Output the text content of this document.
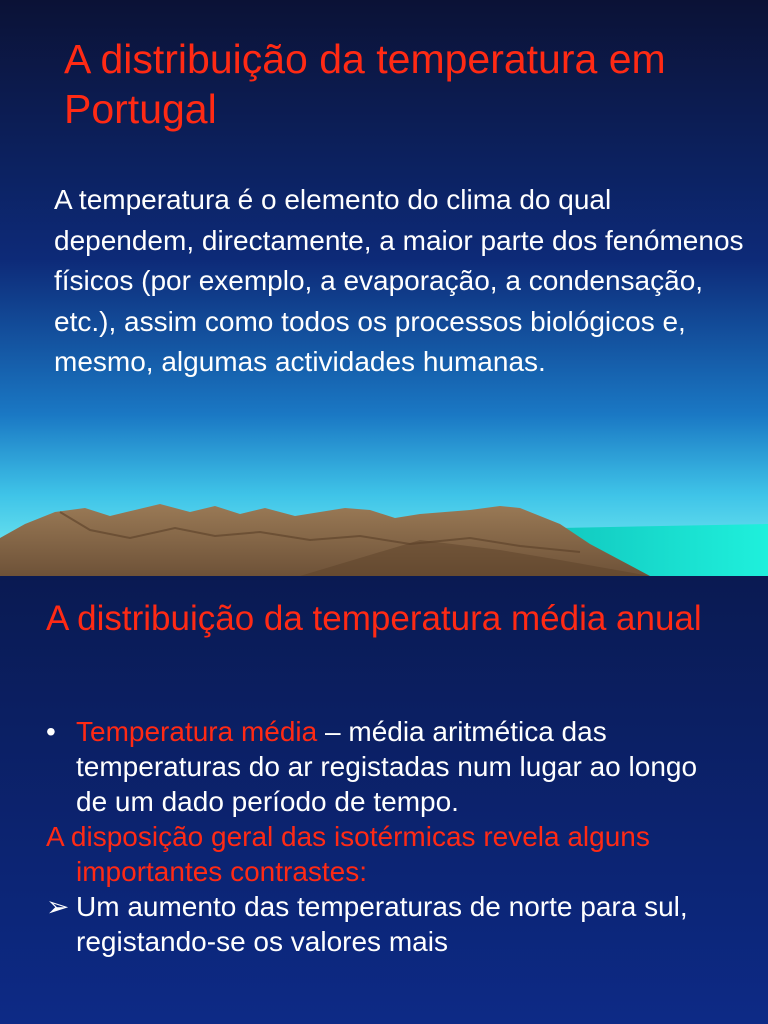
A distribuição da temperatura em Portugal

A temperatura é o elemento do clima do qual dependem, directamente, a maior parte dos fenómenos físicos (por exemplo, a evaporação, a condensação, etc.), assim como todos os processos biológicos e, mesmo, algumas actividades humanas.

A distribuição da temperatura média anual

• Temperatura média – média aritmética das temperaturas do ar registadas num lugar ao longo de um dado período de tempo.

A disposição geral das isotérmicas revela alguns importantes contrastes:

➢ Um aumento das temperaturas de norte para sul, registando-se os valores mais
